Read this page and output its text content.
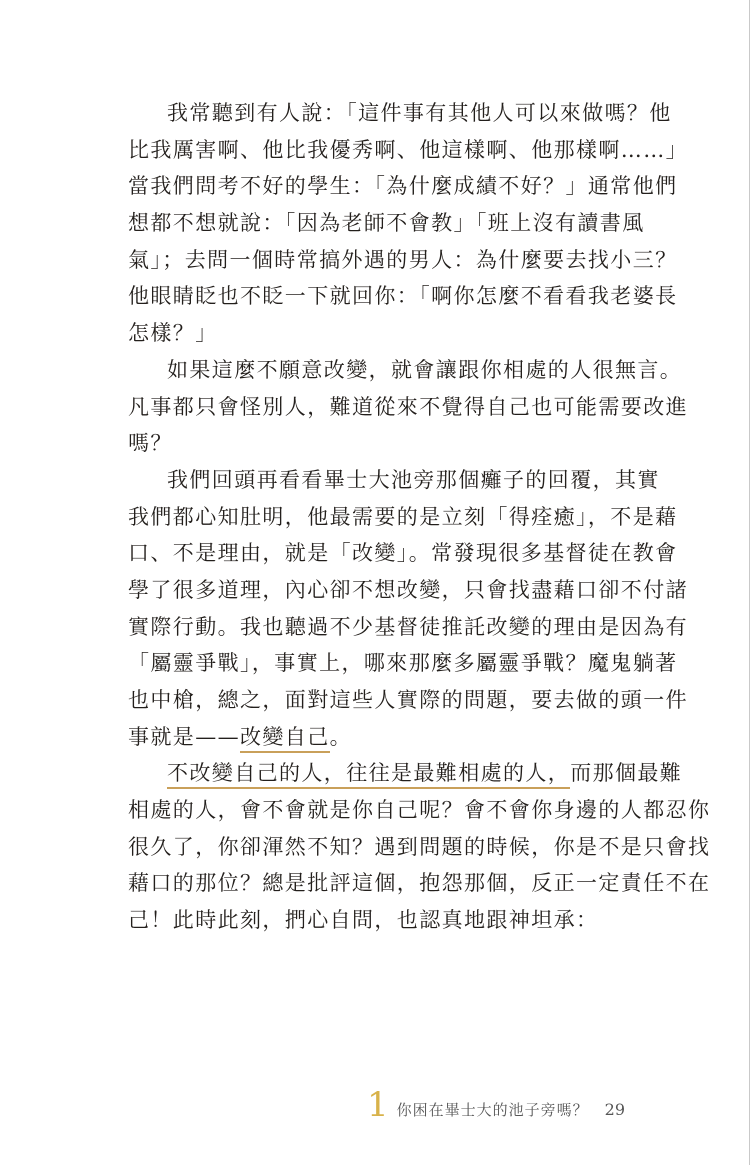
我常聽到有人說：「這件事有其他人可以來做嗎？他
比我厲害啊、他比我優秀啊、他這樣啊、他那樣啊……」
當我們問考不好的學生：「為什麼成績不好？」通常他們
想都不想就說：「因為老師不會教」「班上沒有讀書風
氣」；去問一個時常搞外遇的男人：為什麼要去找小三？
他眼睛眨也不眨一下就回你：「啊你怎麼不看看我老婆長
怎樣？」
如果這麼不願意改變，就會讓跟你相處的人很無言。
凡事都只會怪別人，難道從來不覺得自己也可能需要改進
嗎？
我們回頭再看看畢士大池旁那個癱子的回覆，其實
我們都心知肚明，他最需要的是立刻「得痊癒」，不是藉
口、不是理由，就是「改變」。常發現很多基督徒在教會
學了很多道理，內心卻不想改變，只會找盡藉口卻不付諸
實際行動。我也聽過不少基督徒推託改變的理由是因為有
「屬靈爭戰」，事實上，哪來那麼多屬靈爭戰？魔鬼躺著
也中槍，總之，面對這些人實際的問題，要去做的頭一件
事就是——改變自己。
不改變自己的人，往往是最難相處的人，而那個最難
相處的人，會不會就是你自己呢？會不會你身邊的人都忍你
很久了，你卻渾然不知？遇到問題的時候，你是不是只會找
藉口的那位？總是批評這個，抱怨那個，反正一定責任不在
己！此時此刻，捫心自問，也認真地跟神坦承：
1 你困在畢士大的池子旁嗎？ 29
